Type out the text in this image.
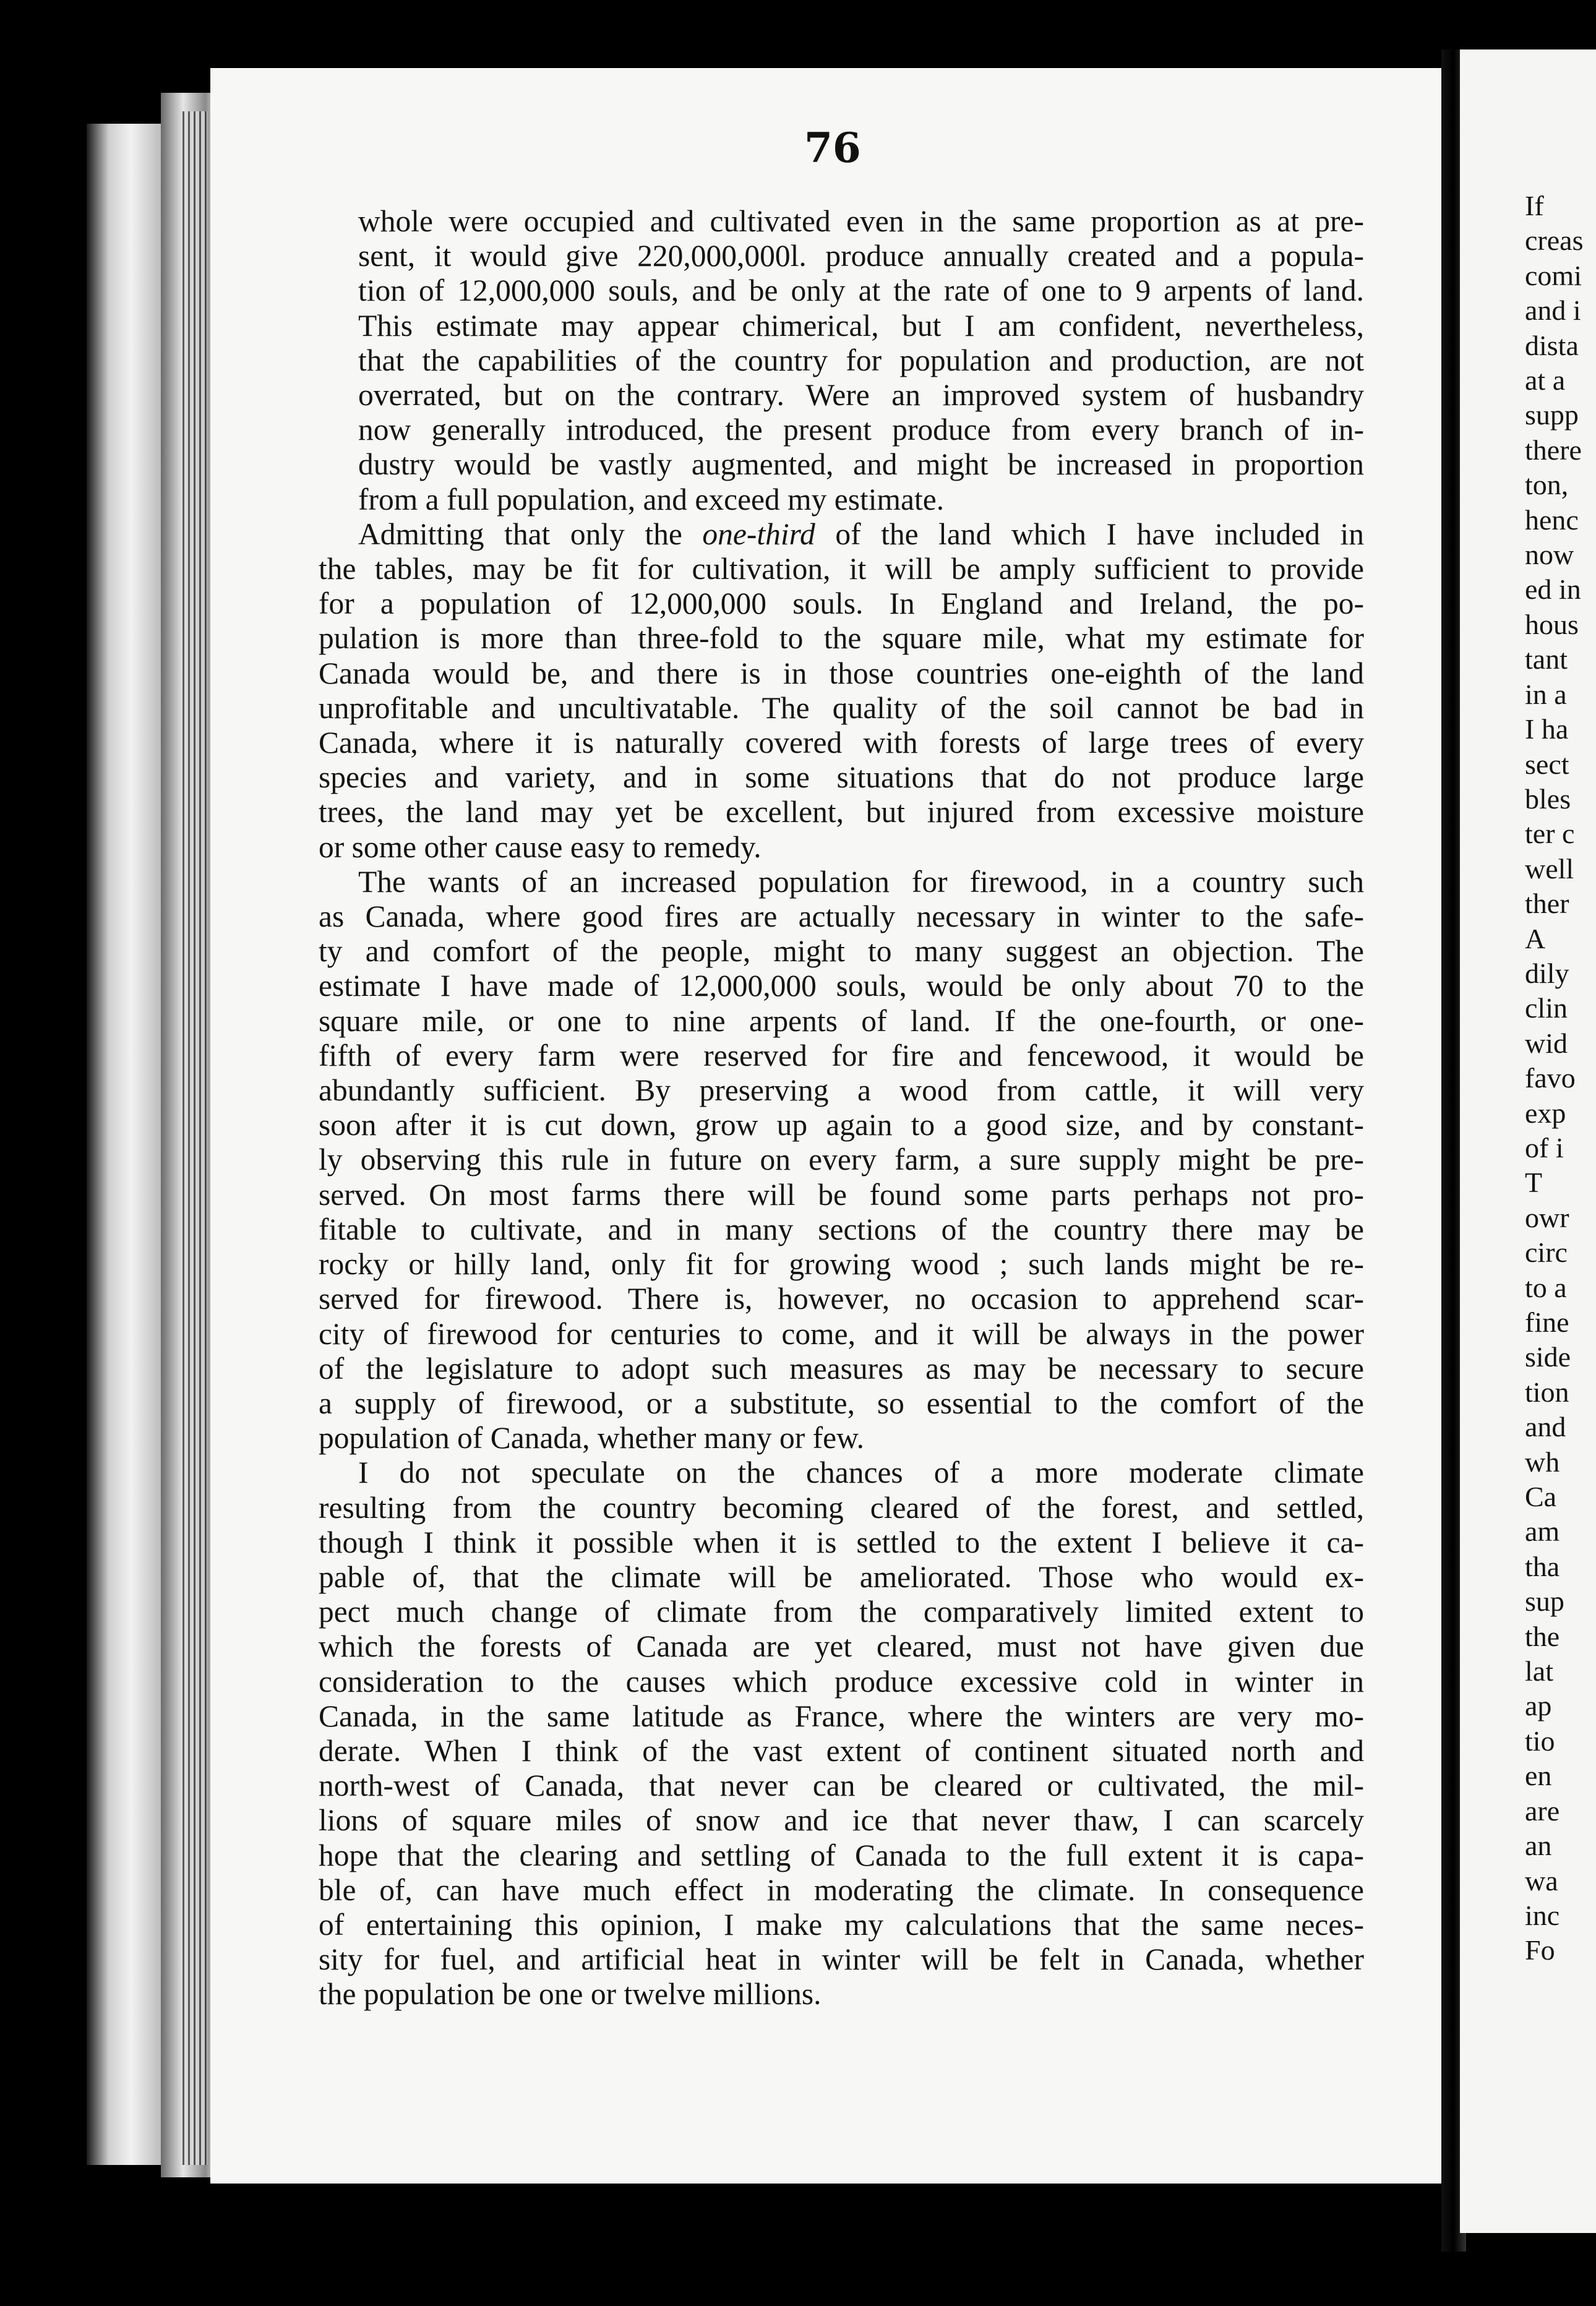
76

whole were occupied and cultivated even in the same proportion as at pre-
sent, it would give 220,000,000l. produce annually created and a popula-
tion of 12,000,000 souls, and be only at the rate of one to 9 arpents of land.
This estimate may appear chimerical, but I am confident, nevertheless,
that the capabilities of the country for population and production, are not
overrated, but on the contrary. Were an improved system of husbandry
now generally introduced, the present produce from every branch of in-
dustry would be vastly augmented, and might be increased in proportion
from a full population, and exceed my estimate.

Admitting that only the one-third of the land which I have included in
the tables, may be fit for cultivation, it will be amply sufficient to provide
for a population of 12,000,000 souls. In England and Ireland, the po-
pulation is more than three-fold to the square mile, what my estimate for
Canada would be, and there is in those countries one-eighth of the land
unprofitable and uncultivatable. The quality of the soil cannot be bad in
Canada, where it is naturally covered with forests of large trees of every
species and variety, and in some situations that do not produce large
trees, the land may yet be excellent, but injured from excessive moisture
or some other cause easy to remedy.

The wants of an increased population for firewood, in a country such
as Canada, where good fires are actually necessary in winter to the safe-
ty and comfort of the people, might to many suggest an objection. The
estimate I have made of 12,000,000 souls, would be only about 70 to the
square mile, or one to nine arpents of land. If the one-fourth, or one-
fifth of every farm were reserved for fire and fencewood, it would be
abundantly sufficient. By preserving a wood from cattle, it will very
soon after it is cut down, grow up again to a good size, and by constant-
ly observing this rule in future on every farm, a sure supply might be pre-
served. On most farms there will be found some parts perhaps not pro-
fitable to cultivate, and in many sections of the country there may be
rocky or hilly land, only fit for growing wood ; such lands might be re-
served for firewood. There is, however, no occasion to apprehend scar-
city of firewood for centuries to come, and it will be always in the power
of the legislature to adopt such measures as may be necessary to secure
a supply of firewood, or a substitute, so essential to the comfort of the
population of Canada, whether many or few.

I do not speculate on the chances of a more moderate climate
resulting from the country becoming cleared of the forest, and settled,
though I think it possible when it is settled to the extent I believe it ca-
pable of, that the climate will be ameliorated. Those who would ex-
pect much change of climate from the comparatively limited extent to
which the forests of Canada are yet cleared, must not have given due
consideration to the causes which produce excessive cold in winter in
Canada, in the same latitude as France, where the winters are very mo-
derate. When I think of the vast extent of continent situated north and
north-west of Canada, that never can be cleared or cultivated, the mil-
lions of square miles of snow and ice that never thaw, I can scarcely
hope that the clearing and settling of Canada to the full extent it is capa-
ble of, can have much effect in moderating the climate. In consequence
of entertaining this opinion, I make my calculations that the same neces-
sity for fuel, and artificial heat in winter will be felt in Canada, whether
the population be one or twelve millions.

If
creas
comi
and i
dista
at a
supp
there
ton,
henc
now
ed in
hous
tant
in a
I ha
sect
bles
ter c
well
ther
A
dily
clin
wid
favo
exp
of i
T
owr
circ
to a
fine
side
tion
and
wh
Ca
am
tha
sup
the
lat
ap
tio
en
are
an
wa
inc
Fo
